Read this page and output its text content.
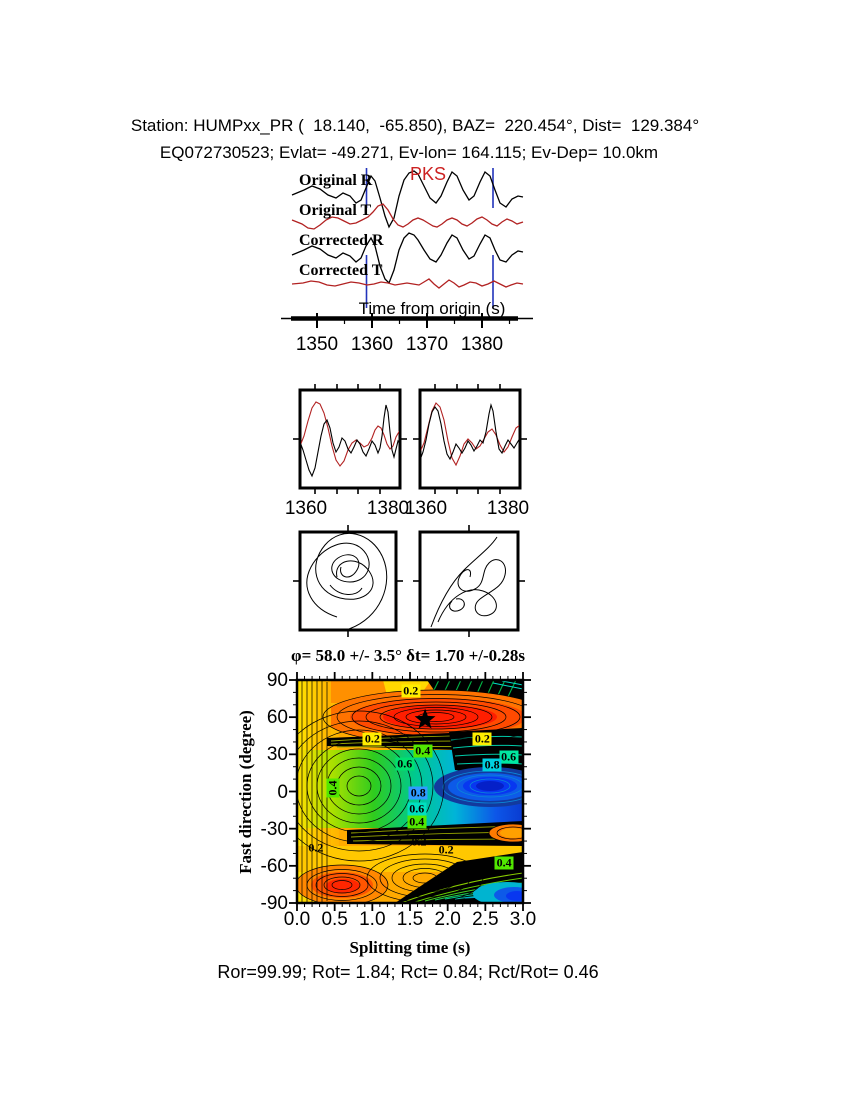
Station: HUMPxx_PR (  18.140,  -65.850), BAZ=  220.454°, Dist=  129.384°
EQ072730523; Evlat= -49.271, Ev-lon= 164.115; Ev-Dep= 10.0km
PKS
Original R
Original T
Corrected R
Corrected T
Time from origin (s)
φ= 58.0 +/- 3.5° δt= 1.70 +/-0.28s
Fast direction (degree)
Splitting time (s)
Ror=99.99; Rot= 1.84; Rct= 0.84; Rct/Rot= 0.46
1350 1360 1370 1380
1360 1380
1360 1380
0.0 0.5 1.0 1.5 2.0 2.5 3.0
90
60
30
0
-30
-60
-90
0.2
0.2	0.2
0.4
0.6	0.6
0.8
0.4	0.8
0.6
0.4
0.2	0.2
0.2
0.4
